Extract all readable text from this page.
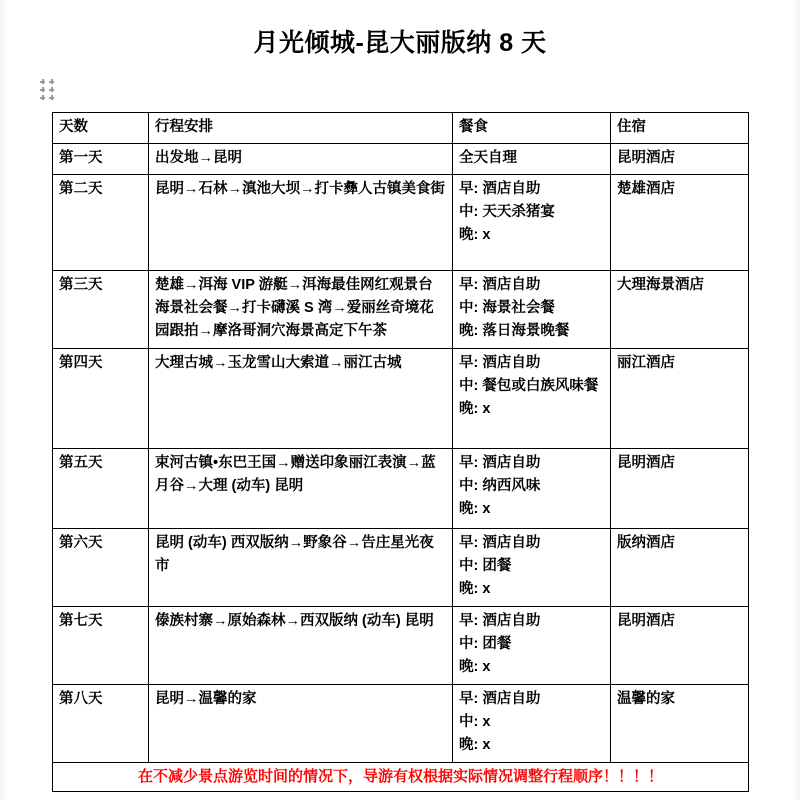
月光倾城-昆大丽版纳 8 天
天数	行程安排	餐食	住宿
第一天	出发地→昆明	全天自理	昆明酒店
第二天	昆明→石林→滇池大坝→打卡彝人古镇美食街	早: 酒店自助
中: 天天杀猪宴
晚: x	楚雄酒店
第三天	楚雄→洱海 VIP 游艇→洱海最佳网红观景台海景社会餐→打卡礴溪 S 湾→爱丽丝奇境花园跟拍→摩洛哥洞穴海景高定下午茶	早: 酒店自助
中: 海景社会餐
晚: 落日海景晚餐	大理海景酒店
第四天	大理古城→玉龙雪山大索道→丽江古城	早: 酒店自助
中: 餐包或白族风味餐
晚: x	丽江酒店
第五天	束河古镇•东巴王国→赠送印象丽江表演→蓝月谷→大理 (动车) 昆明	早: 酒店自助
中: 纳西风味
晚: x	昆明酒店
第六天	昆明 (动车) 西双版纳→野象谷→告庄星光夜市	早: 酒店自助
中: 团餐
晚: x	版纳酒店
第七天	傣族村寨→原始森林→西双版纳 (动车) 昆明	早: 酒店自助
中: 团餐
晚: x	昆明酒店
第八天	昆明→温馨的家	早: 酒店自助
中: x
晚: x	温馨的家
在不减少景点游览时间的情况下，导游有权根据实际情况调整行程顺序！！！！			
